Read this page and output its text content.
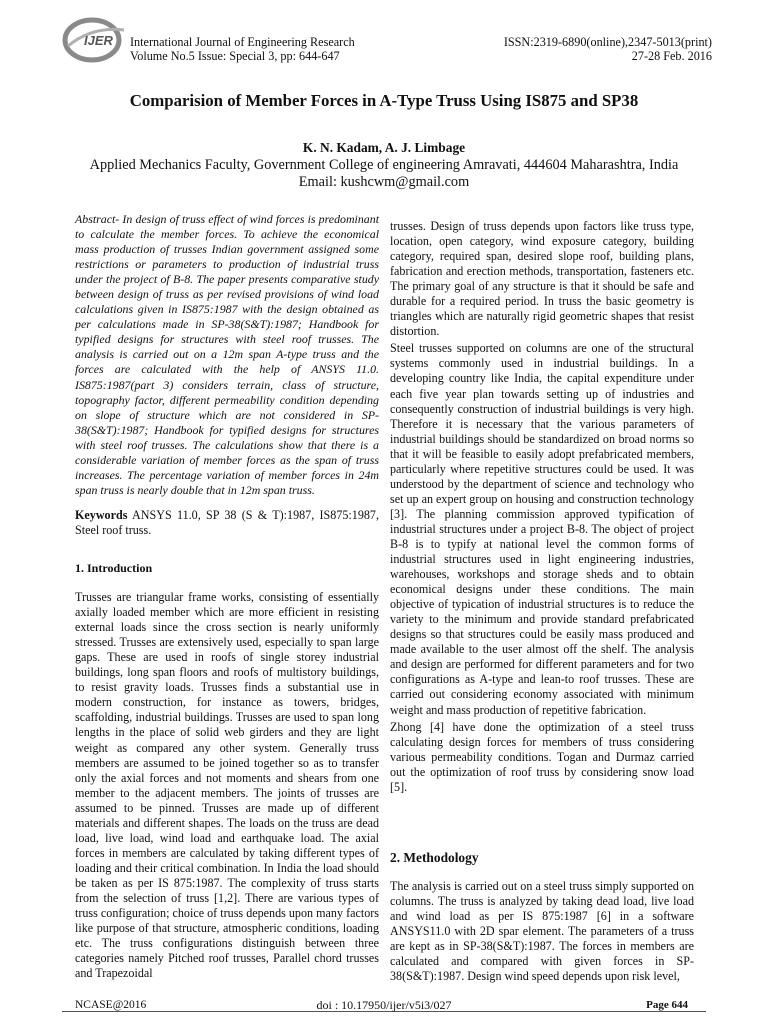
IJER International Journal of Engineering Research
Volume No.5 Issue: Special 3, pp: 644-647
ISSN:2319-6890(online),2347-5013(print)
27-28 Feb. 2016
Comparision of Member Forces in A-Type Truss Using IS875 and SP38
K. N. Kadam, A. J. Limbage
Applied Mechanics Faculty, Government College of engineering Amravati, 444604 Maharashtra, India
Email: kushcwm@gmail.com

Abstract- In design of truss effect of wind forces is predominant to calculate the member forces. To achieve the economical mass production of trusses Indian government assigned some restrictions or parameters to production of industrial truss under the project of B-8. The paper presents comparative study between design of truss as per revised provisions of wind load calculations given in IS875:1987 with the design obtained as per calculations made in SP-38(S&T):1987; Handbook for typified designs for structures with steel roof trusses. The analysis is carried out on a 12m span A-type truss and the forces are calculated with the help of ANSYS 11.0. IS875:1987(part 3) considers terrain, class of structure, topography factor, different permeability condition depending on slope of structure which are not considered in SP-38(S&T):1987; Handbook for typified designs for structures with steel roof trusses. The calculations show that there is a considerable variation of member forces as the span of truss increases. The percentage variation of member forces in 24m span truss is nearly double that in 12m span truss.

Keywords ANSYS 11.0, SP 38 (S & T):1987, IS875:1987, Steel roof truss.

1. Introduction

Trusses are triangular frame works, consisting of essentially axially loaded member which are more efficient in resisting external loads since the cross section is nearly uniformly stressed. Trusses are extensively used, especially to span large gaps. These are used in roofs of single storey industrial buildings, long span floors and roofs of multistory buildings, to resist gravity loads. Trusses finds a substantial use in modern construction, for instance as towers, bridges, scaffolding, industrial buildings. Trusses are used to span long lengths in the place of solid web girders and they are light weight as compared any other system. Generally truss members are assumed to be joined together so as to transfer only the axial forces and not moments and shears from one member to the adjacent members. The joints of trusses are assumed to be pinned. Trusses are made up of different materials and different shapes. The loads on the truss are dead load, live load, wind load and earthquake load. The axial forces in members are calculated by taking different types of loading and their critical combination. In India the load should be taken as per IS 875:1987. The complexity of truss starts from the selection of truss [1,2]. There are various types of truss configuration; choice of truss depends upon many factors like purpose of that structure, atmospheric conditions, loading etc. The truss configurations distinguish between three categories namely Pitched roof trusses, Parallel chord trusses and Trapezoidal

trusses. Design of truss depends upon factors like truss type, location, open category, wind exposure category, building category, required span, desired slope roof, building plans, fabrication and erection methods, transportation, fasteners etc. The primary goal of any structure is that it should be safe and durable for a required period. In truss the basic geometry is triangles which are naturally rigid geometric shapes that resist distortion.

Steel trusses supported on columns are one of the structural systems commonly used in industrial buildings. In a developing country like India, the capital expenditure under each five year plan towards setting up of industries and consequently construction of industrial buildings is very high. Therefore it is necessary that the various parameters of industrial buildings should be standardized on broad norms so that it will be feasible to easily adopt prefabricated members, particularly where repetitive structures could be used. It was understood by the department of science and technology who set up an expert group on housing and construction technology [3]. The planning commission approved typification of industrial structures under a project B-8. The object of project B-8 is to typify at national level the common forms of industrial structures used in light engineering industries, warehouses, workshops and storage sheds and to obtain economical designs under these conditions. The main objective of typication of industrial structures is to reduce the variety to the minimum and provide standard prefabricated designs so that structures could be easily mass produced and made available to the user almost off the shelf. The analysis and design are performed for different parameters and for two configurations as A-type and lean-to roof trusses. These are carried out considering economy associated with minimum weight and mass production of repetitive fabrication.

Zhong [4] have done the optimization of a steel truss calculating design forces for members of truss considering various permeability conditions. Togan and Durmaz carried out the optimization of roof truss by considering snow load [5].

2. Methodology

The analysis is carried out on a steel truss simply supported on columns. The truss is analyzed by taking dead load, live load and wind load as per IS 875:1987 [6] in a software ANSYS11.0 with 2D spar element. The parameters of a truss are kept as in SP-38(S&T):1987. The forces in members are calculated and compared with given forces in SP-38(S&T):1987. Design wind speed depends upon risk level,

NCASE@2016	doi : 10.17950/ijer/v5i3/027	Page 644
